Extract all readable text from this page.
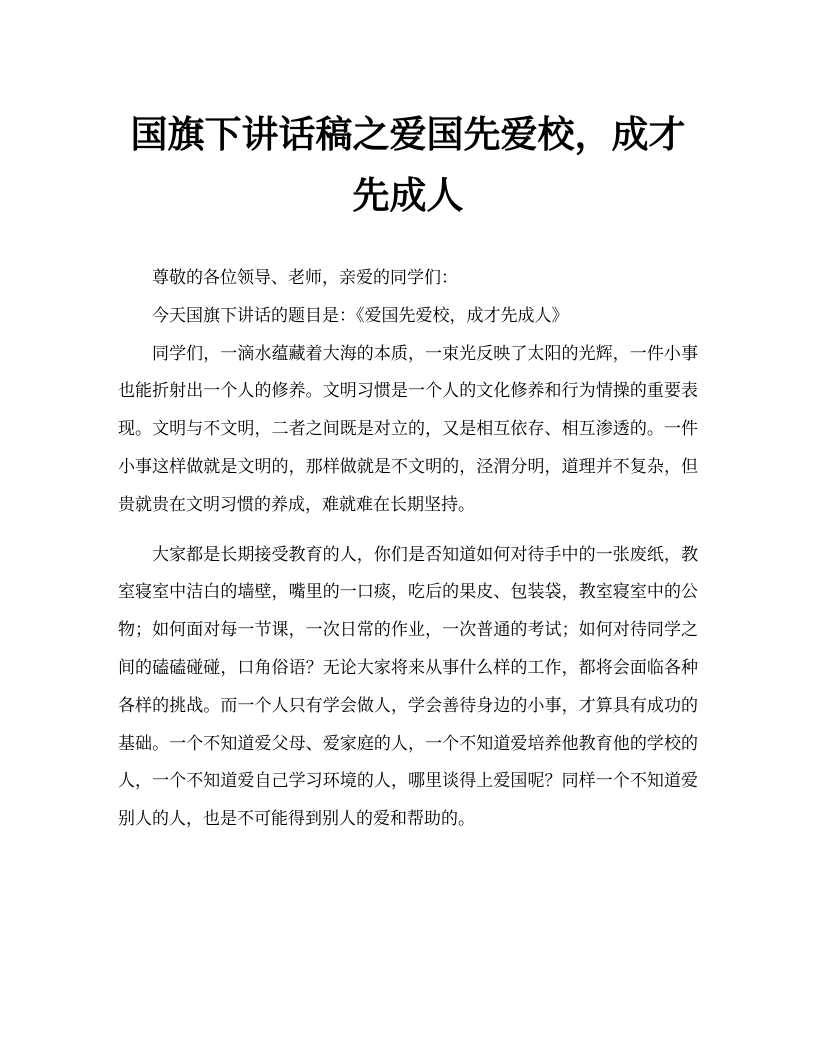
国旗下讲话稿之爱国先爱校，成才先成人

尊敬的各位领导、老师，亲爱的同学们：

今天国旗下讲话的题目是：《爱国先爱校，成才先成人》

同学们，一滴水蕴藏着大海的本质，一束光反映了太阳的光辉，一件小事也能折射出一个人的修养。文明习惯是一个人的文化修养和行为情操的重要表现。文明与不文明，二者之间既是对立的，又是相互依存、相互渗透的。一件小事这样做就是文明的，那样做就是不文明的，泾渭分明，道理并不复杂，但贵就贵在文明习惯的养成，难就难在长期坚持。

大家都是长期接受教育的人，你们是否知道如何对待手中的一张废纸，教室寝室中洁白的墙壁，嘴里的一口痰，吃后的果皮、包装袋，教室寝室中的公物；如何面对每一节课，一次日常的作业，一次普通的考试；如何对待同学之间的磕磕碰碰，口角俗语？无论大家将来从事什么样的工作，都将会面临各种各样的挑战。而一个人只有学会做人，学会善待身边的小事，才算具有成功的基础。一个不知道爱父母、爱家庭的人，一个不知道爱培养他教育他的学校的人，一个不知道爱自己学习环境的人，哪里谈得上爱国呢？同样一个不知道爱别人的人，也是不可能得到别人的爱和帮助的。
